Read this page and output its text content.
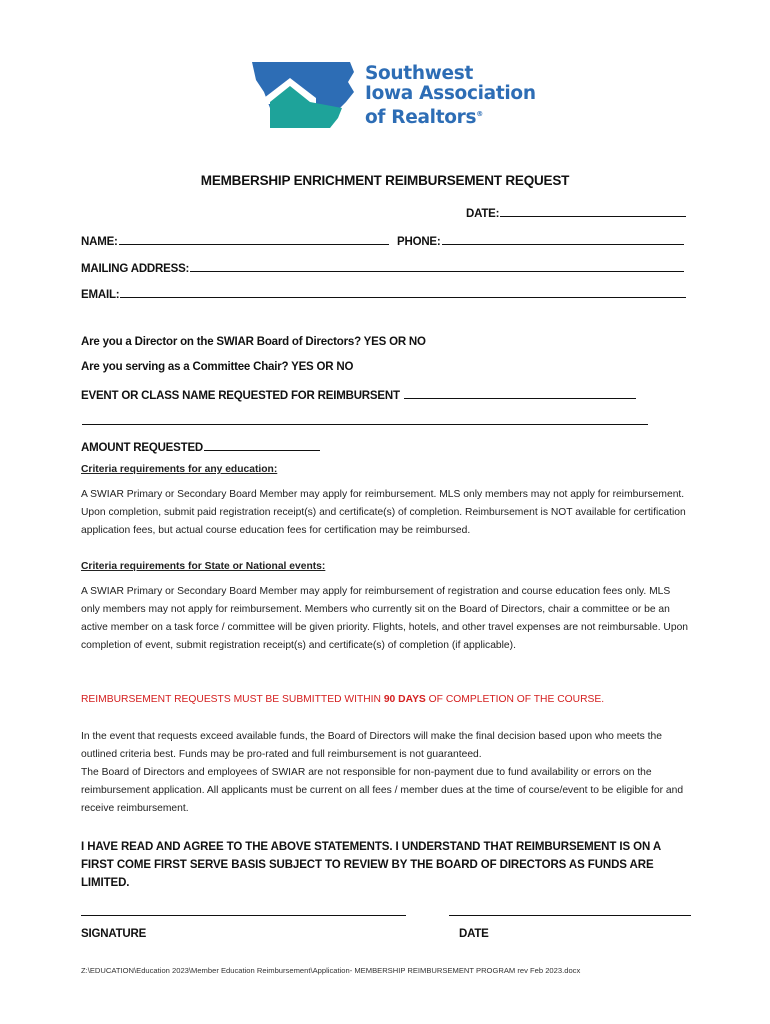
Southwest
Iowa Association
of Realtors®
MEMBERSHIP ENRICHMENT REIMBURSEMENT REQUEST
DATE:
NAME:	PHONE:
MAILING ADDRESS:
EMAIL:
Are you a Director on the SWIAR Board of Directors? YES OR NO
Are you serving as a Committee Chair? YES OR NO
EVENT OR CLASS NAME REQUESTED FOR REIMBURSENT
AMOUNT REQUESTED
Criteria requirements for any education:
A SWIAR Primary or Secondary Board Member may apply for reimbursement. MLS only members may not apply for reimbursement. Upon completion, submit paid registration receipt(s) and certificate(s) of completion. Reimbursement is NOT available for certification application fees, but actual course education fees for certification may be reimbursed.
Criteria requirements for State or National events:
A SWIAR Primary or Secondary Board Member may apply for reimbursement of registration and course education fees only. MLS only members may not apply for reimbursement. Members who currently sit on the Board of Directors, chair a committee or be an active member on a task force / committee will be given priority. Flights, hotels, and other travel expenses are not reimbursable. Upon completion of event, submit registration receipt(s) and certificate(s) of completion (if applicable).
REIMBURSEMENT REQUESTS MUST BE SUBMITTED WITHIN 90 DAYS OF COMPLETION OF THE COURSE.
In the event that requests exceed available funds, the Board of Directors will make the final decision based upon who meets the outlined criteria best. Funds may be pro-rated and full reimbursement is not guaranteed.
The Board of Directors and employees of SWIAR are not responsible for non-payment due to fund availability or errors on the reimbursement application. All applicants must be current on all fees / member dues at the time of course/event to be eligible for and receive reimbursement.
I HAVE READ AND AGREE TO THE ABOVE STATEMENTS. I UNDERSTAND THAT REIMBURSEMENT IS ON A FIRST COME FIRST SERVE BASIS SUBJECT TO REVIEW BY THE BOARD OF DIRECTORS AS FUNDS ARE LIMITED.
SIGNATURE	DATE
Z:\EDUCATION\Education 2023\Member Education Reimbursement\Application- MEMBERSHIP REIMBURSEMENT PROGRAM rev Feb 2023.docx
